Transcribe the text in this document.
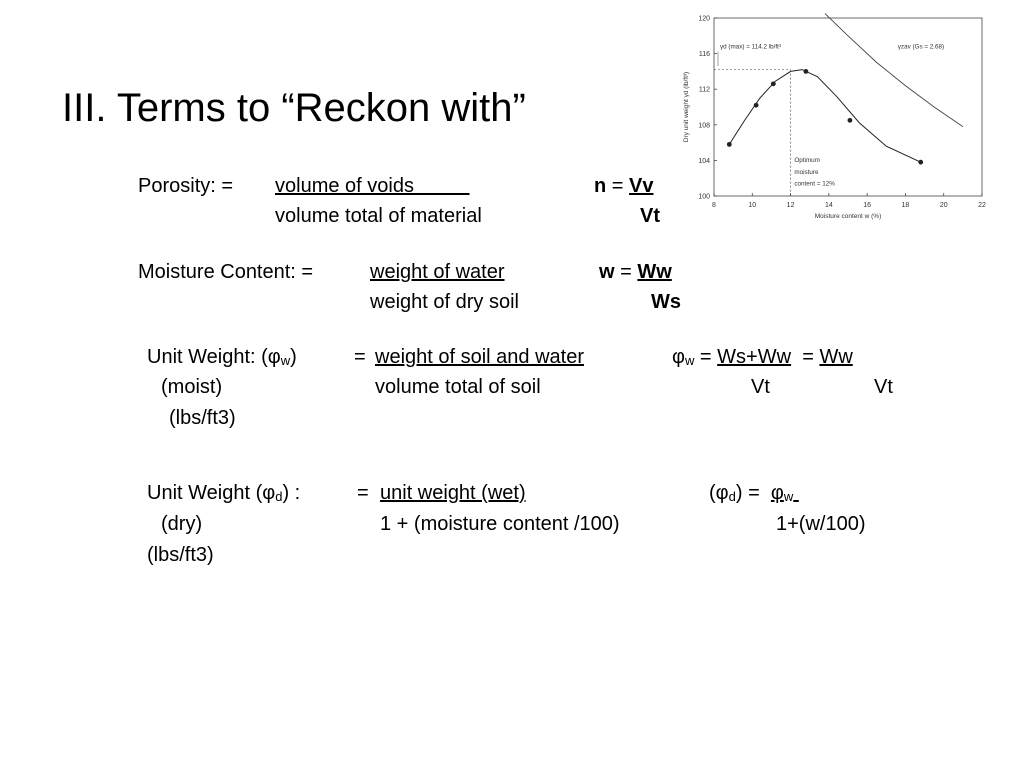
III. Terms to “Reckon with”
8	10	12	14	16	18	20	22
100
104
108
112
116
120
Moisture content w (%)
Dry unit weight γd (lb/ft³)
γd (max) = 114.2 lb/ft³	γzav (Gs = 2.68)
Optimum
moisture
content = 12%
Porosity: = volume of voids
volume total of material
n = Vv
Vt
Moisture Content: =	weight of water
weight of dry soil
w = Ww
Ws
Unit Weight: (φw)
(moist)
(lbs/ft3)
= weight of soil and water
volume total of soil
φw = Ws+Ww = Ww
Vt	Vt
Unit Weight (φd) :
(dry)
(lbs/ft3)
= unit weight (wet)
1 + (moisture content /100)
(φd) = φw
1+(w/100)
